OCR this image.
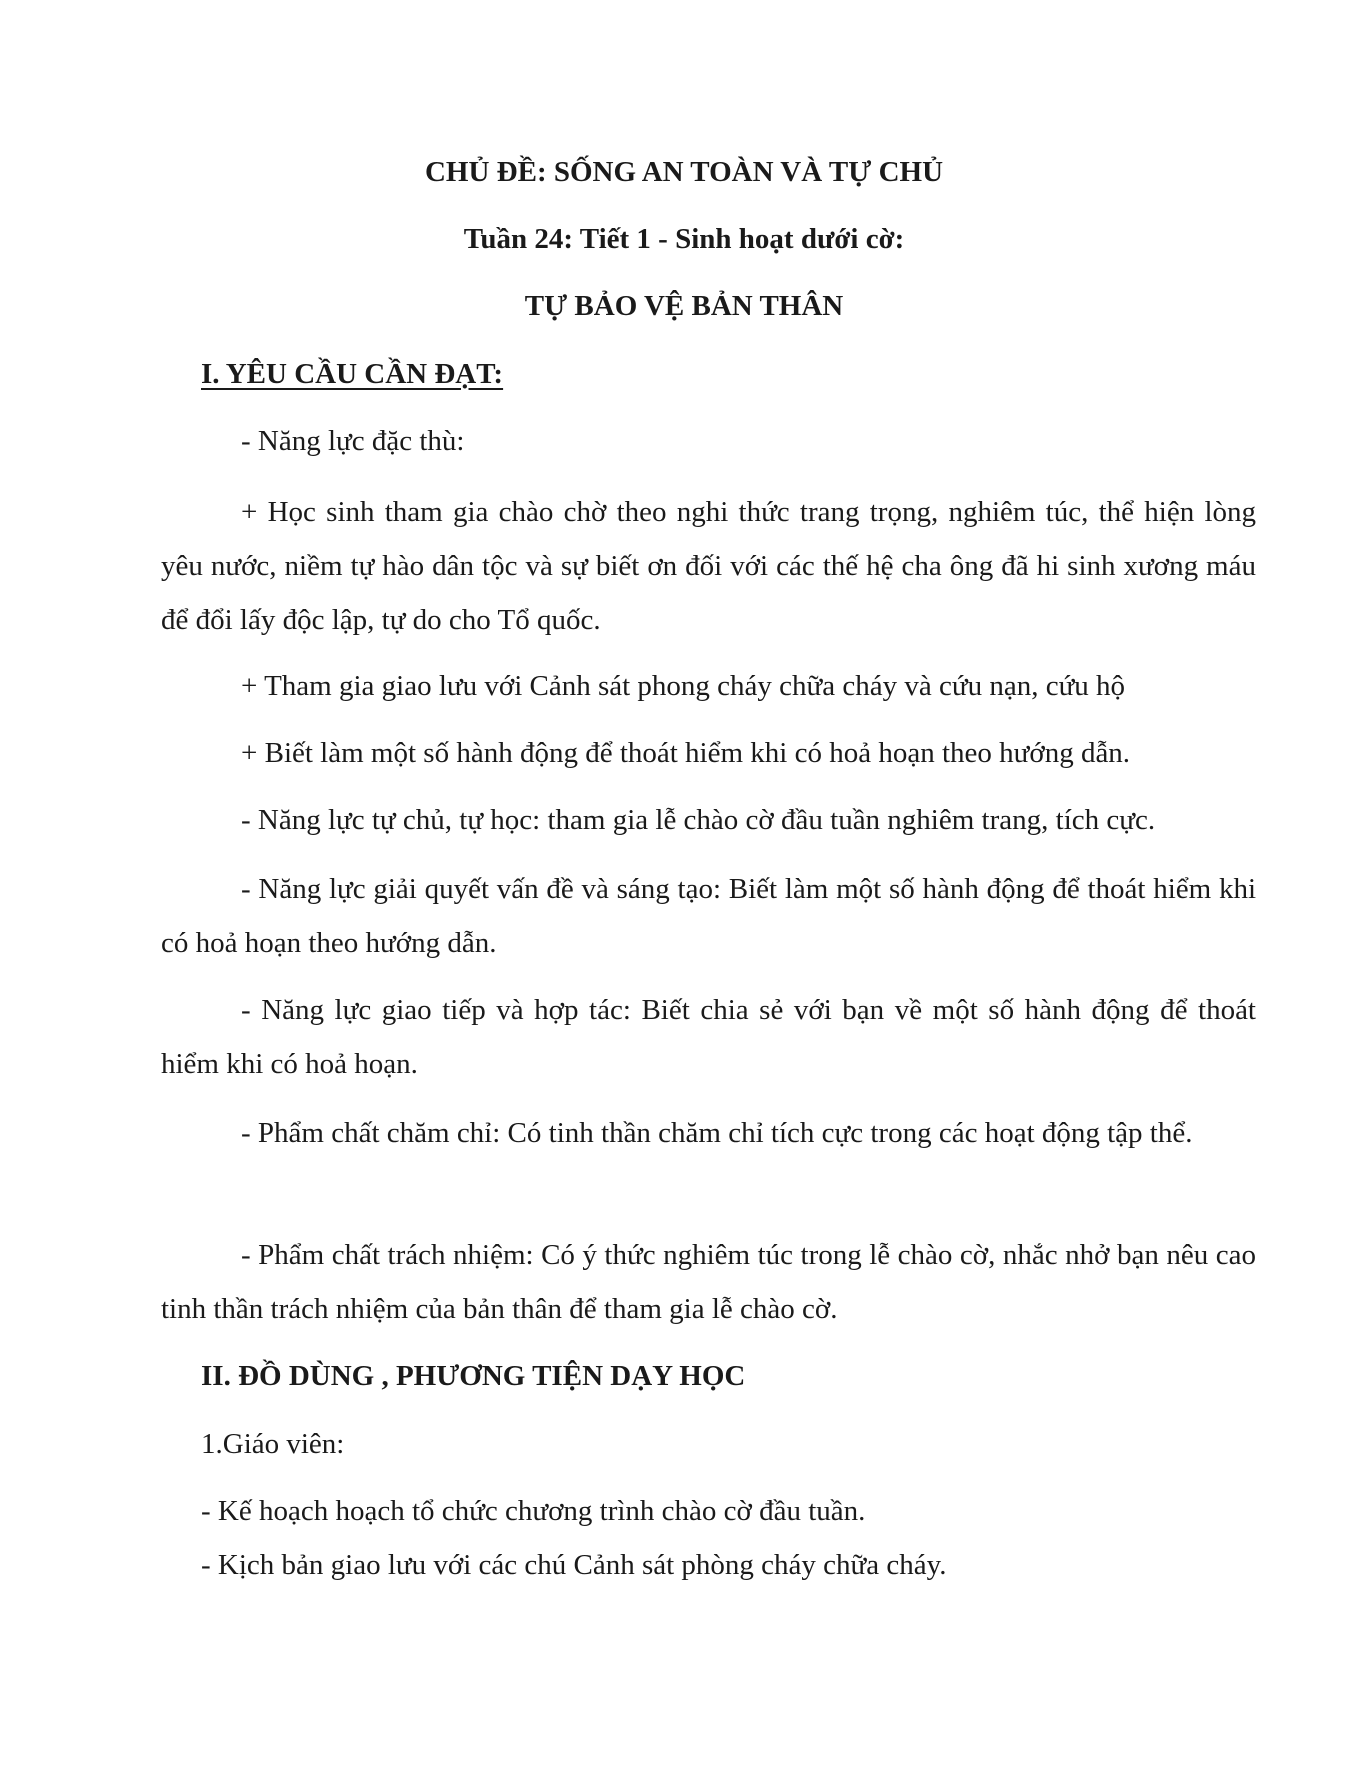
CHỦ ĐỀ: SỐNG AN TOÀN VÀ TỰ CHỦ
Tuần 24: Tiết 1 - Sinh hoạt dưới cờ:
TỰ BẢO VỆ BẢN THÂN
I. YÊU CẦU CẦN ĐẠT:
- Năng lực đặc thù:
+ Học sinh tham gia chào chờ theo nghi thức trang trọng, nghiêm túc, thể hiện lòng yêu nước, niềm tự hào dân tộc và sự biết ơn đối với các thế hệ cha ông đã hi sinh xương máu để đổi lấy độc lập, tự do cho Tổ quốc.
+ Tham gia giao lưu với Cảnh sát phong cháy chữa cháy và cứu nạn, cứu hộ
+ Biết làm một số hành động để thoát hiểm khi có hoả hoạn theo hướng dẫn.
- Năng lực tự chủ, tự học: tham gia lễ chào cờ đầu tuần nghiêm trang, tích cực.
- Năng lực giải quyết vấn đề và sáng tạo: Biết làm một số hành động để thoát hiểm khi có hoả hoạn theo hướng dẫn.
- Năng lực giao tiếp và hợp tác: Biết chia sẻ với bạn về một số hành động để thoát hiểm khi có hoả hoạn.
- Phẩm chất chăm chỉ: Có tinh thần chăm chỉ tích cực trong các hoạt động tập thể.
- Phẩm chất trách nhiệm: Có ý thức nghiêm túc trong lễ chào cờ, nhắc nhở bạn nêu cao tinh thần trách nhiệm của bản thân để tham gia lễ chào cờ.
II. ĐỒ DÙNG , PHƯƠNG TIỆN DẠY HỌC
1.Giáo viên:
- Kế hoạch hoạch tổ chức chương trình chào cờ đầu tuần.
- Kịch bản giao lưu với các chú Cảnh sát phòng cháy chữa cháy.
